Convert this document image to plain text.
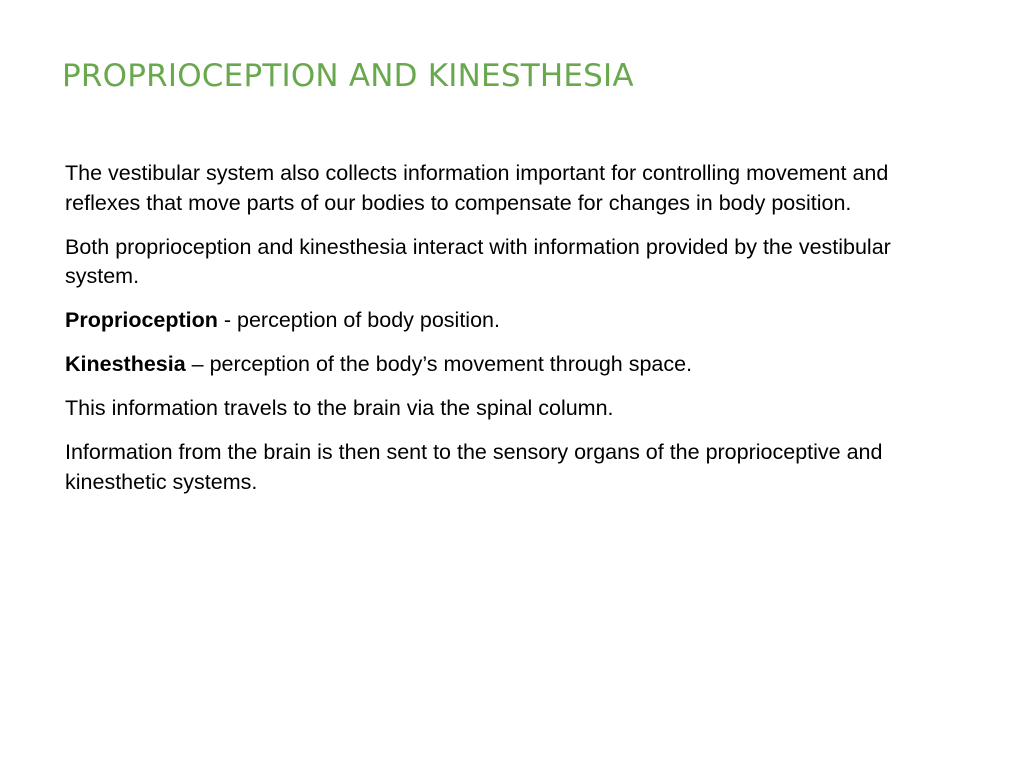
PROPRIOCEPTION AND KINESTHESIA

The vestibular system also collects information important for controlling movement and reflexes that move parts of our bodies to compensate for changes in body position.

Both proprioception and kinesthesia interact with information provided by the vestibular system.

Proprioception - perception of body position.

Kinesthesia – perception of the body’s movement through space.

This information travels to the brain via the spinal column.

Information from the brain is then sent to the sensory organs of the proprioceptive and kinesthetic systems.
